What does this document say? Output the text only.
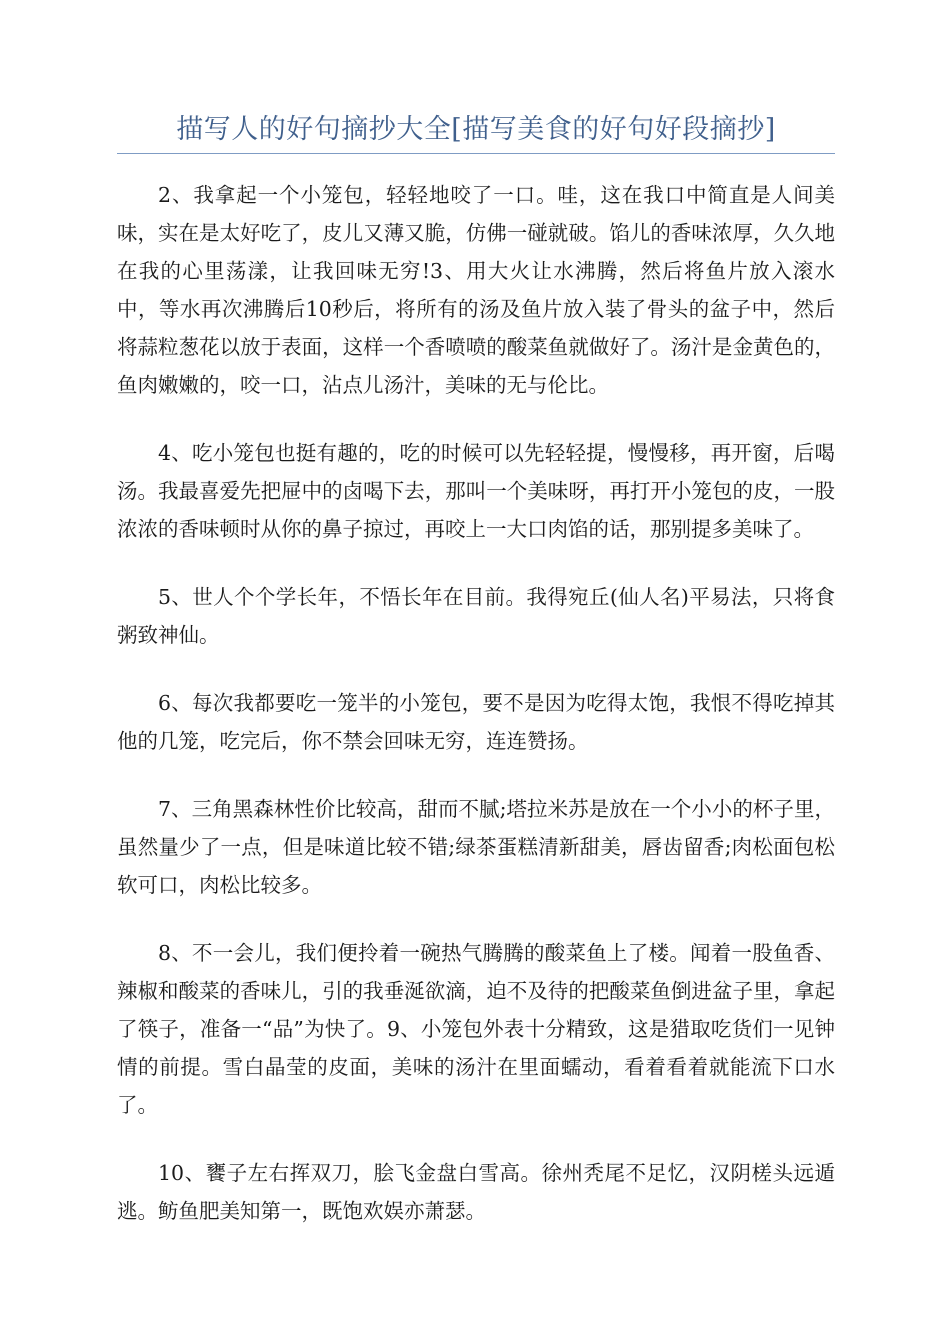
描写人的好句摘抄大全[描写美食的好句好段摘抄]

2、我拿起一个小笼包，轻轻地咬了一口。哇，这在我口中简直是人间美味，实在是太好吃了，皮儿又薄又脆，仿佛一碰就破。馅儿的香味浓厚，久久地在我的心里荡漾，让我回味无穷!3、用大火让水沸腾，然后将鱼片放入滚水中，等水再次沸腾后10秒后，将所有的汤及鱼片放入装了骨头的盆子中，然后将蒜粒葱花以放于表面，这样一个香喷喷的酸菜鱼就做好了。汤汁是金黄色的，鱼肉嫩嫩的，咬一口，沾点儿汤汁，美味的无与伦比。

4、吃小笼包也挺有趣的，吃的时候可以先轻轻提，慢慢移，再开窗，后喝汤。我最喜爱先把屉中的卤喝下去，那叫一个美味呀，再打开小笼包的皮，一股浓浓的香味顿时从你的鼻子掠过，再咬上一大口肉馅的话，那别提多美味了。

5、世人个个学长年，不悟长年在目前。我得宛丘(仙人名)平易法，只将食粥致神仙。

6、每次我都要吃一笼半的小笼包，要不是因为吃得太饱，我恨不得吃掉其他的几笼，吃完后，你不禁会回味无穷，连连赞扬。

7、三角黑森林性价比较高，甜而不腻;塔拉米苏是放在一个小小的杯子里，虽然量少了一点，但是味道比较不错;绿茶蛋糕清新甜美，唇齿留香;肉松面包松软可口，肉松比较多。

8、不一会儿，我们便拎着一碗热气腾腾的酸菜鱼上了楼。闻着一股鱼香、辣椒和酸菜的香味儿，引的我垂涎欲滴，迫不及待的把酸菜鱼倒进盆子里，拿起了筷子，准备一“品”为快了。9、小笼包外表十分精致，这是猎取吃货们一见钟情的前提。雪白晶莹的皮面，美味的汤汁在里面蠕动，看着看着就能流下口水了。

10、饔子左右挥双刀，脍飞金盘白雪高。徐州秃尾不足忆，汉阴槎头远遁逃。鲂鱼肥美知第一，既饱欢娱亦萧瑟。
